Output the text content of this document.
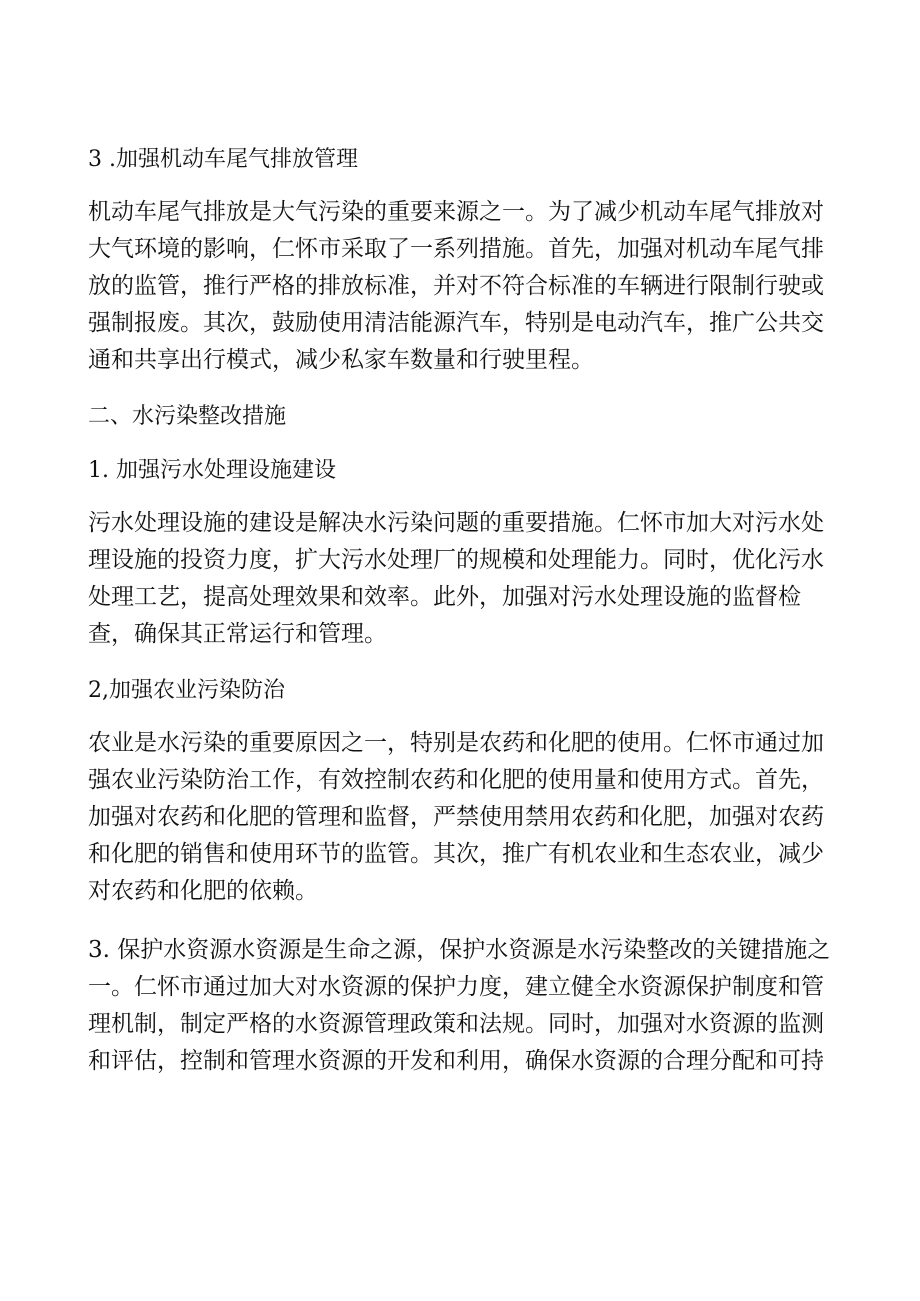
3 .加强机动车尾气排放管理
机动车尾气排放是大气污染的重要来源之一。为了减少机动车尾气排放对
大气环境的影响，仁怀市采取了一系列措施。首先，加强对机动车尾气排
放的监管，推行严格的排放标准，并对不符合标准的车辆进行限制行驶或
强制报废。其次，鼓励使用清洁能源汽车，特别是电动汽车，推广公共交
通和共享出行模式，减少私家车数量和行驶里程。
二、水污染整改措施
1. 加强污水处理设施建设
污水处理设施的建设是解决水污染问题的重要措施。仁怀市加大对污水处
理设施的投资力度，扩大污水处理厂的规模和处理能力。同时，优化污水
处理工艺，提高处理效果和效率。此外，加强对污水处理设施的监督检
查，确保其正常运行和管理。
2,加强农业污染防治
农业是水污染的重要原因之一，特别是农药和化肥的使用。仁怀市通过加
强农业污染防治工作，有效控制农药和化肥的使用量和使用方式。首先，
加强对农药和化肥的管理和监督，严禁使用禁用农药和化肥，加强对农药
和化肥的销售和使用环节的监管。其次，推广有机农业和生态农业，减少
对农药和化肥的依赖。
3. 保护水资源水资源是生命之源，保护水资源是水污染整改的关键措施之
一。仁怀市通过加大对水资源的保护力度，建立健全水资源保护制度和管
理机制，制定严格的水资源管理政策和法规。同时，加强对水资源的监测
和评估，控制和管理水资源的开发和利用，确保水资源的合理分配和可持
